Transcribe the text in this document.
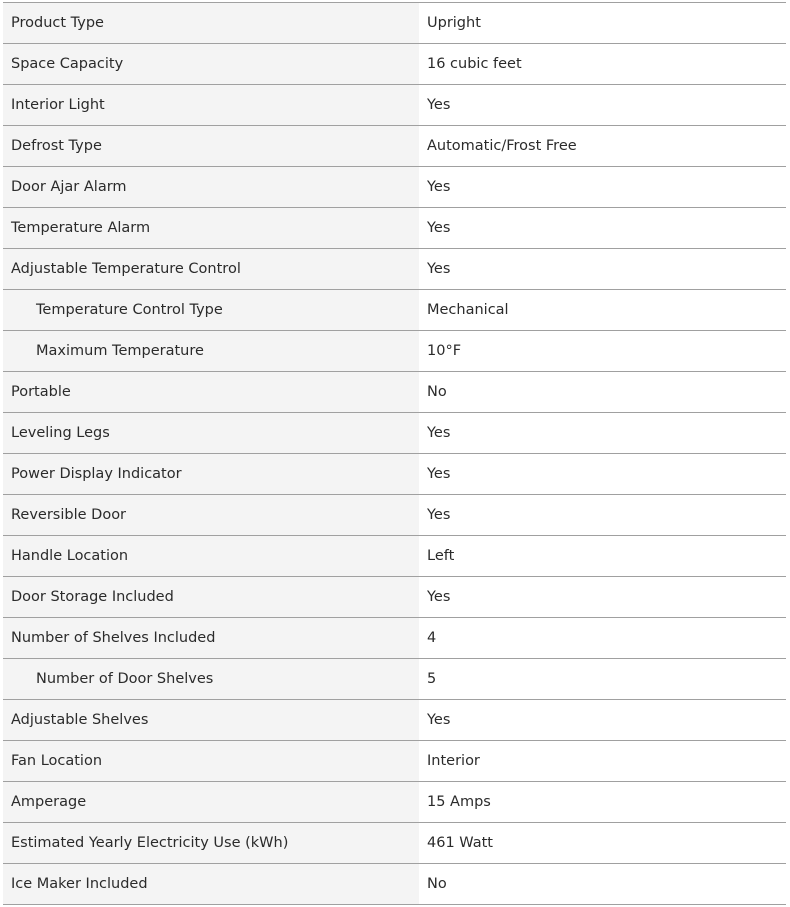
Product Type	Upright
Space Capacity	16 cubic feet
Interior Light	Yes
Defrost Type	Automatic/Frost Free
Door Ajar Alarm	Yes
Temperature Alarm	Yes
Adjustable Temperature Control	Yes
Temperature Control Type	Mechanical
Maximum Temperature	10°F
Portable	No
Leveling Legs	Yes
Power Display Indicator	Yes
Reversible Door	Yes
Handle Location	Left
Door Storage Included	Yes
Number of Shelves Included	4
Number of Door Shelves	5
Adjustable Shelves	Yes
Fan Location	Interior
Amperage	15 Amps
Estimated Yearly Electricity Use (kWh)	461 Watt
Ice Maker Included	No
